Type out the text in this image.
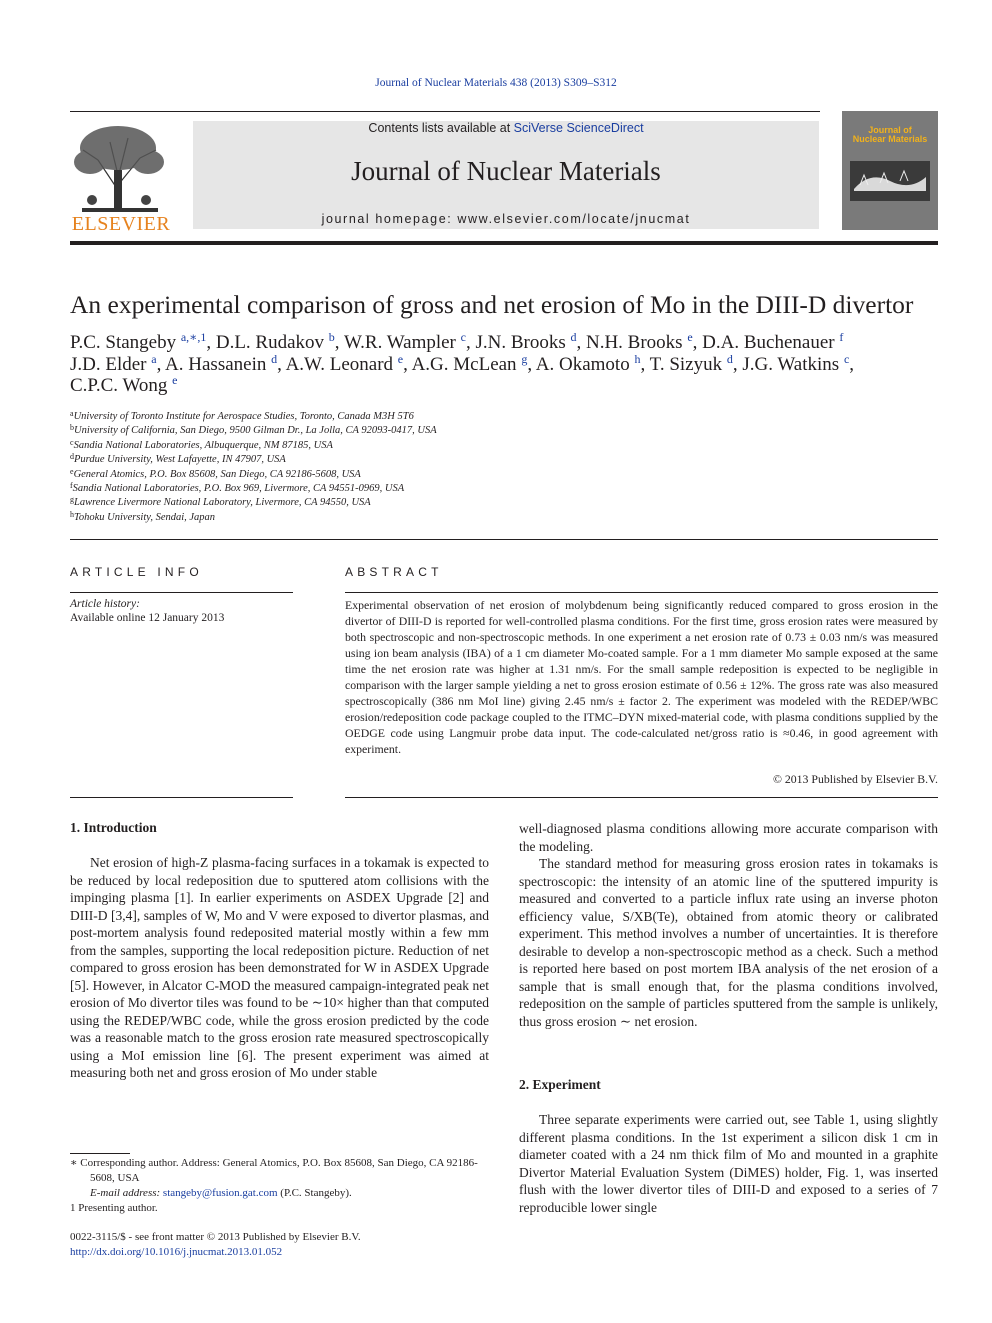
Journal of Nuclear Materials 438 (2013) S309–S312
ELSEVIER
Contents lists available at SciVerse ScienceDirect
Journal of Nuclear Materials
journal homepage: www.elsevier.com/locate/jnucmat
Journal of Nuclear Materials
An experimental comparison of gross and net erosion of Mo in the DIII-D divertor
P.C. Stangeby $^{a,∗,1}$, D.L. Rudakov $^b$, W.R. Wampler $^c$, J.N. Brooks $^d$, N.H. Brooks $^e$, D.A. Buchenauer $^f$
J.D. Elder $^a$, A. Hassanein $^d$, A.W. Leonard $^e$, A.G. McLean $^g$, A. Okamoto $^h$, T. Sizyuk $^d$, J.G. Watkins $^c$,
C.P.C. Wong $^e$
$^a$University of Toronto Institute for Aerospace Studies, Toronto, Canada M3H 5T6
$^b$University of California, San Diego, 9500 Gilman Dr., La Jolla, CA 92093-0417, USA
$^c$Sandia National Laboratories, Albuquerque, NM 87185, USA
$^d$Purdue University, West Lafayette, IN 47907, USA
$^e$General Atomics, P.O. Box 85608, San Diego, CA 92186-5608, USA
$^f$Sandia National Laboratories, P.O. Box 969, Livermore, CA 94551-0969, USA
$^g$Lawrence Livermore National Laboratory, Livermore, CA 94550, USA
$^h$Tohoku University, Sendai, Japan
ARTICLE INFO	ABSTRACT
Article history:
Available online 12 January 2013
Experimental observation of net erosion of molybdenum being significantly reduced compared to gross erosion in the divertor of DIII-D is reported for well-controlled plasma conditions. For the first time, gross erosion rates were measured by both spectroscopic and non-spectroscopic methods. In one experiment a net erosion rate of 0.73 ± 0.03 nm/s was measured using ion beam analysis (IBA) of a 1 cm diameter Mo-coated sample. For a 1 mm diameter Mo sample exposed at the same time the net erosion rate was higher at 1.31 nm/s. For the small sample redeposition is expected to be negligible in comparison with the larger sample yielding a net to gross erosion estimate of 0.56 ± 12%. The gross rate was also measured spectroscopically (386 nm MoI line) giving 2.45 nm/s ± factor 2. The experiment was modeled with the REDEP/WBC erosion/redeposition code package coupled to the ITMC–DYN mixed-material code, with plasma conditions supplied by the OEDGE code using Langmuir probe data input. The code-calculated net/gross ratio is ≈0.46, in good agreement with experiment.
© 2013 Published by Elsevier B.V.
1. Introduction

Net erosion of high-Z plasma-facing surfaces in a tokamak is expected to be reduced by local redeposition due to sputtered atom collisions with the impinging plasma [1]. In earlier experiments on ASDEX Upgrade [2] and DIII-D [3,4], samples of W, Mo and V were exposed to divertor plasmas, and post-mortem analysis found redeposited material mostly within a few mm from the samples, supporting the local redeposition picture. Reduction of net compared to gross erosion has been demonstrated for W in ASDEX Upgrade [5]. However, in Alcator C-MOD the measured campaign-integrated peak net erosion of Mo divertor tiles was found to be ∼10× higher than that computed using the REDEP/WBC code, while the gross erosion predicted by the code was a reasonable match to the gross erosion rate measured spectroscopically using a MoI emission line [6]. The present experiment was aimed at measuring both net and gross erosion of Mo under stable

well-diagnosed plasma conditions allowing more accurate comparison with the modeling.

The standard method for measuring gross erosion rates in tokamaks is spectroscopic: the intensity of an atomic line of the sputtered impurity is measured and converted to a particle influx rate using an inverse photon efficiency value, S/XB(Te), obtained from atomic theory or calibrated experiment. This method involves a number of uncertainties. It is therefore desirable to develop a non-spectroscopic method as a check. Such a method is reported here based on post mortem IBA analysis of the net erosion of a sample that is small enough that, for the plasma conditions involved, redeposition on the sample of particles sputtered from the sample is unlikely, thus gross erosion ∼ net erosion.

2. Experiment

Three separate experiments were carried out, see Table 1, using slightly different plasma conditions. In the 1st experiment a silicon disk 1 cm in diameter coated with a 24 nm thick film of Mo and mounted in a graphite Divertor Material Evaluation System (DiMES) holder, Fig. 1, was inserted flush with the lower divertor tiles of DIII-D and exposed to a series of 7 reproducible lower single

∗ Corresponding author. Address: General Atomics, P.O. Box 85608, San Diego, CA 92186-5608, USA
E-mail address: stangeby@fusion.gat.com (P.C. Stangeby).
1 Presenting author.
0022-3115/$ - see front matter © 2013 Published by Elsevier B.V.
http://dx.doi.org/10.1016/j.jnucmat.2013.01.052
